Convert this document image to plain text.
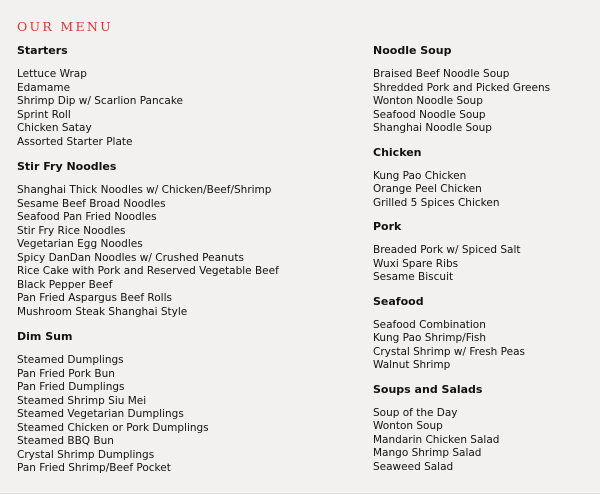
OUR MENU
Starters
Lettuce Wrap
Edamame
Shrimp Dip w/ Scarlion Pancake
Sprint Roll
Chicken Satay
Assorted Starter Plate
Stir Fry Noodles
Shanghai Thick Noodles w/ Chicken/Beef/Shrimp
Sesame Beef Broad Noodles
Seafood Pan Fried Noodles
Stir Fry Rice Noodles
Vegetarian Egg Noodles
Spicy DanDan Noodles w/ Crushed Peanuts
Rice Cake with Pork and Reserved Vegetable Beef
Black Pepper Beef
Pan Fried Aspargus Beef Rolls
Mushroom Steak Shanghai Style
Dim Sum
Steamed Dumplings
Pan Fried Pork Bun
Pan Fried Dumplings
Steamed Shrimp Siu Mei
Steamed Vegetarian Dumplings
Steamed Chicken or Pork Dumplings
Steamed BBQ Bun
Crystal Shrimp Dumplings
Pan Fried Shrimp/Beef Pocket
Noodle Soup
Braised Beef Noodle Soup
Shredded Pork and Picked Greens
Wonton Noodle Soup
Seafood Noodle Soup
Shanghai Noodle Soup
Chicken
Kung Pao Chicken
Orange Peel Chicken
Grilled 5 Spices Chicken
Pork
Breaded Pork w/ Spiced Salt
Wuxi Spare Ribs
Sesame Biscuit
Seafood
Seafood Combination
Kung Pao Shrimp/Fish
Crystal Shrimp w/ Fresh Peas
Walnut Shrimp
Soups and Salads
Soup of the Day
Wonton Soup
Mandarin Chicken Salad
Mango Shrimp Salad
Seaweed Salad
